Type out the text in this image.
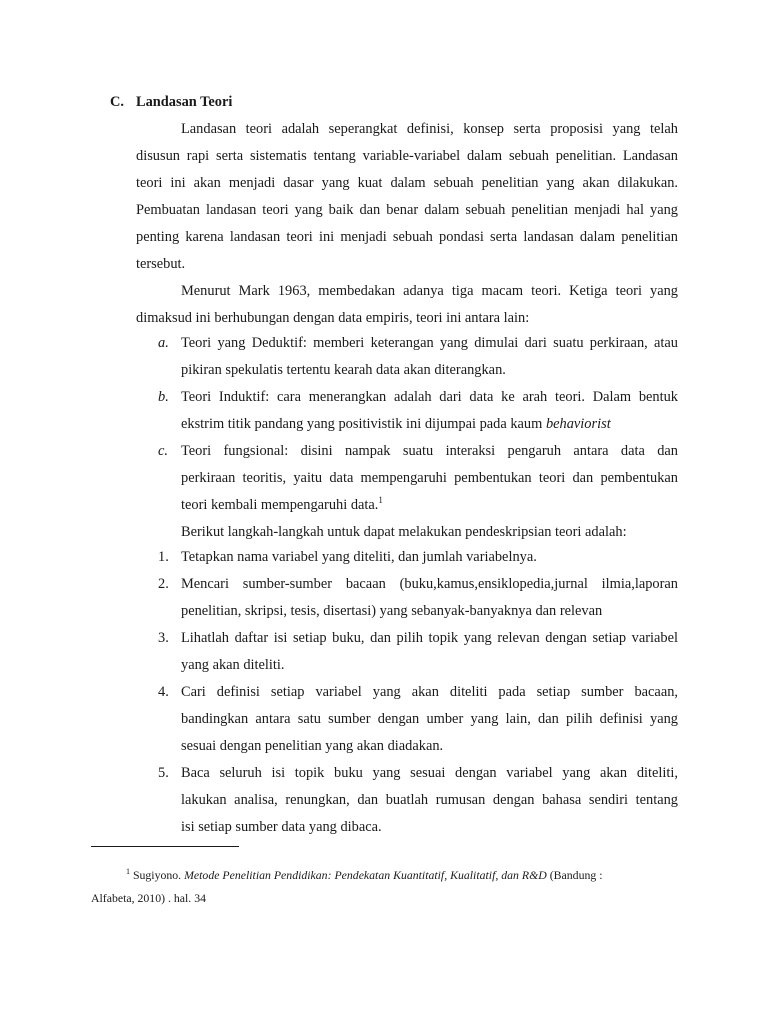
C. Landasan Teori
Landasan teori adalah seperangkat definisi, konsep serta proposisi yang telah
disusun rapi serta sistematis tentang variable-variabel dalam sebuah penelitian. Landasan
teori ini akan menjadi dasar yang kuat dalam sebuah penelitian yang akan dilakukan.
Pembuatan landasan teori yang baik dan benar dalam sebuah penelitian menjadi hal yang
penting karena landasan teori ini menjadi sebuah pondasi serta landasan dalam penelitian
tersebut.
Menurut Mark 1963, membedakan adanya tiga macam teori. Ketiga teori yang
dimaksud ini berhubungan dengan data empiris, teori ini antara lain:
a. Teori yang Deduktif: memberi keterangan yang dimulai dari suatu perkiraan, atau
pikiran spekulatis tertentu kearah data akan diterangkan.
b. Teori Induktif: cara menerangkan adalah dari data ke arah teori. Dalam bentuk
ekstrim titik pandang yang positivistik ini dijumpai pada kaum behaviorist
c. Teori fungsional: disini nampak suatu interaksi pengaruh antara data dan
perkiraan teoritis, yaitu data mempengaruhi pembentukan teori dan pembentukan
teori kembali mempengaruhi data.$^1$
Berikut langkah-langkah untuk dapat melakukan pendeskripsian teori adalah:
1. Tetapkan nama variabel yang diteliti, dan jumlah variabelnya.
2. Mencari sumber-sumber bacaan (buku,kamus,ensiklopedia,jurnal ilmia,laporan
penelitian, skripsi, tesis, disertasi) yang sebanyak-banyaknya dan relevan
3. Lihatlah daftar isi setiap buku, dan pilih topik yang relevan dengan setiap variabel
yang akan diteliti.
4. Cari definisi setiap variabel yang akan diteliti pada setiap sumber bacaan,
bandingkan antara satu sumber dengan umber yang lain, dan pilih definisi yang
sesuai dengan penelitian yang akan diadakan.
5. Baca seluruh isi topik buku yang sesuai dengan variabel yang akan diteliti,
lakukan analisa, renungkan, dan buatlah rumusan dengan bahasa sendiri tentang
isi setiap sumber data yang dibaca.
$^1$ Sugiyono. Metode Penelitian Pendidikan: Pendekatan Kuantitatif, Kualitatif, dan R&D (Bandung :
Alfabeta, 2010) . hal. 34
